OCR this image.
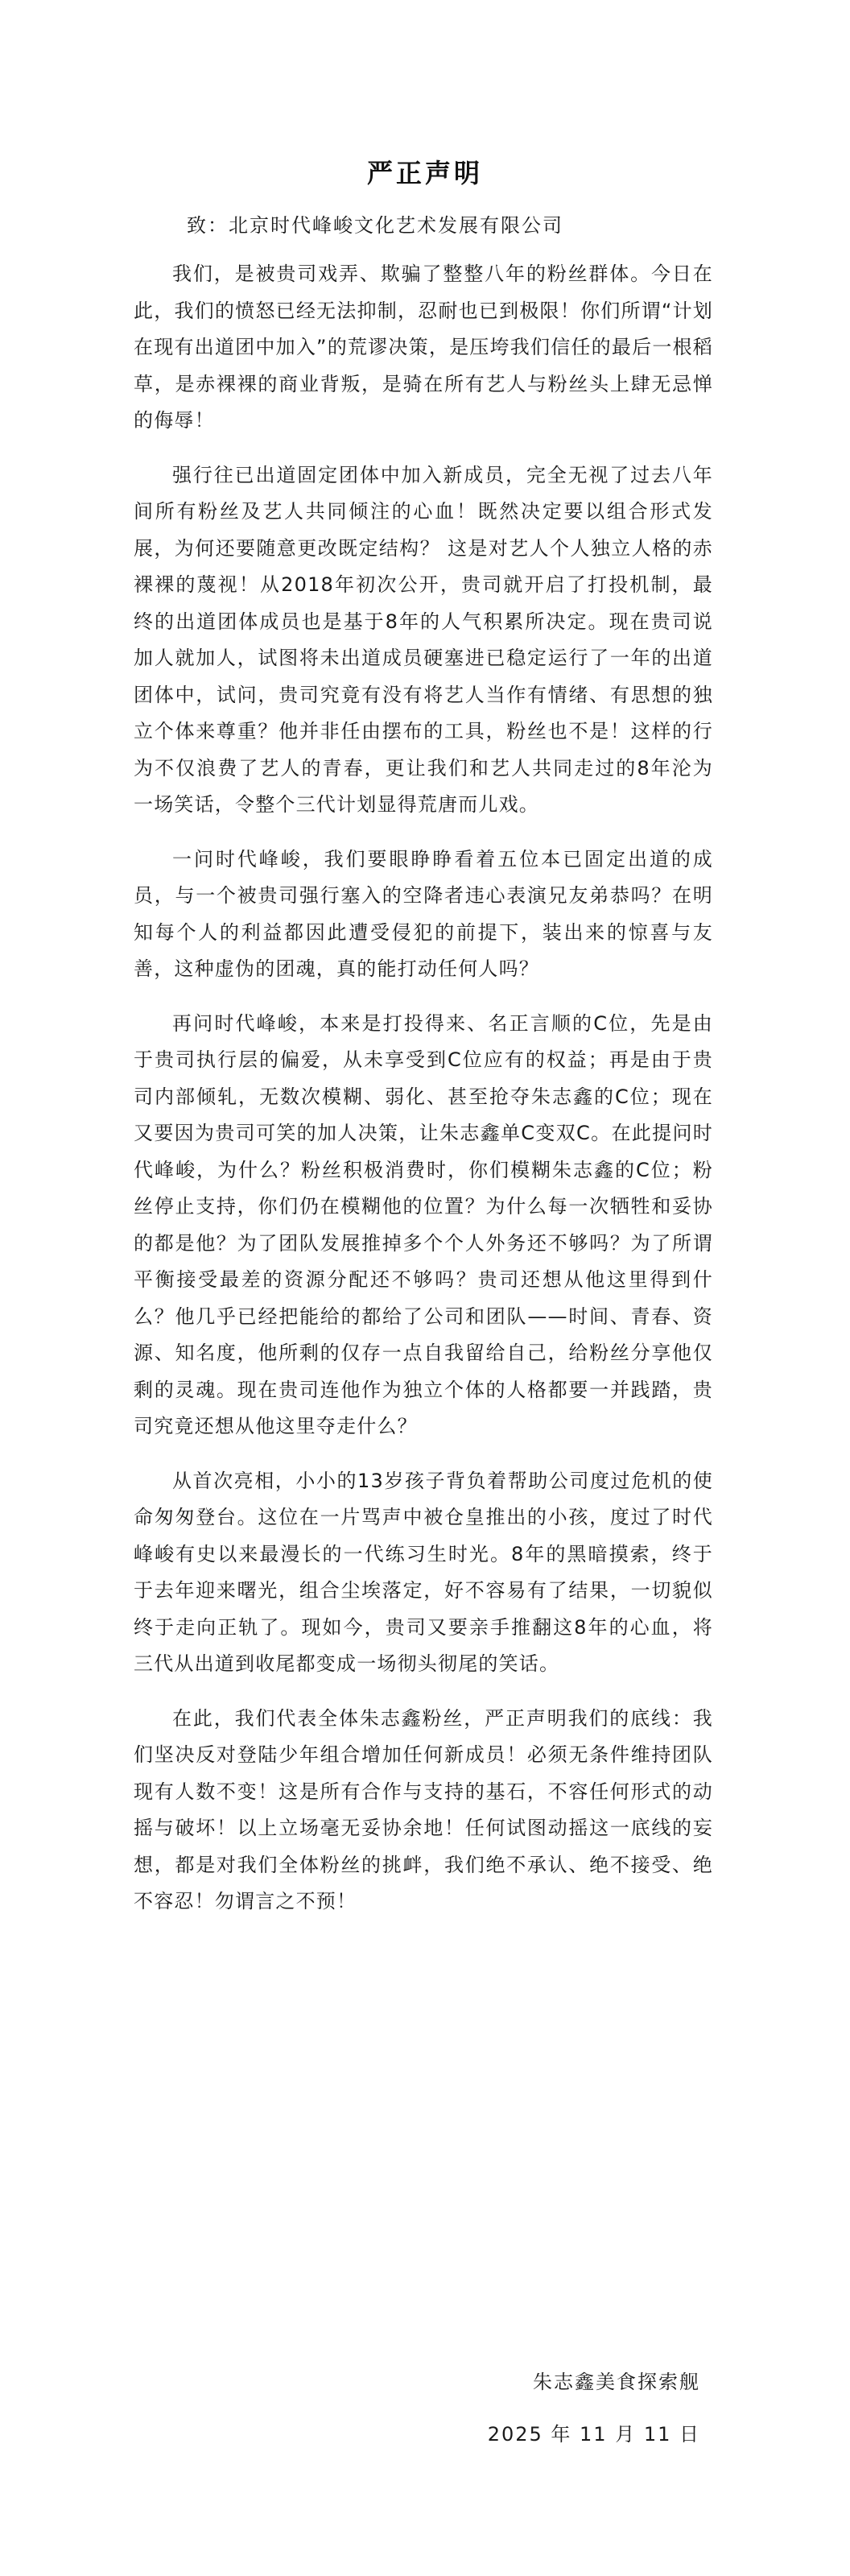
严正声明
致：北京时代峰峻文化艺术发展有限公司

我们，是被贵司戏弄、欺骗了整整八年的粉丝群体。今日在此，我们的愤怒已经无法抑制，忍耐也已到极限！你们所谓“计划在现有出道团中加入”的荒谬决策，是压垮我们信任的最后一根稻草，是赤裸裸的商业背叛，是骑在所有艺人与粉丝头上肆无忌惮的侮辱！

强行往已出道固定团体中加入新成员，完全无视了过去八年间所有粉丝及艺人共同倾注的心血！既然决定要以组合形式发展，为何还要随意更改既定结构？ 这是对艺人个人独立人格的赤裸裸的蔑视！从2018年初次公开，贵司就开启了打投机制，最终的出道团体成员也是基于8年的人气积累所决定。现在贵司说加人就加人，试图将未出道成员硬塞进已稳定运行了一年的出道团体中，试问，贵司究竟有没有将艺人当作有情绪、有思想的独立个体来尊重？他并非任由摆布的工具，粉丝也不是！这样的行为不仅浪费了艺人的青春，更让我们和艺人共同走过的8年沦为一场笑话，令整个三代计划显得荒唐而儿戏。

一问时代峰峻，我们要眼睁睁看着五位本已固定出道的成员，与一个被贵司强行塞入的空降者违心表演兄友弟恭吗？在明知每个人的利益都因此遭受侵犯的前提下，装出来的惊喜与友善，这种虚伪的团魂，真的能打动任何人吗？

再问时代峰峻，本来是打投得来、名正言顺的C位，先是由于贵司执行层的偏爱，从未享受到C位应有的权益；再是由于贵司内部倾轧，无数次模糊、弱化、甚至抢夺朱志鑫的C位；现在又要因为贵司可笑的加人决策，让朱志鑫单C变双C。在此提问时代峰峻，为什么？粉丝积极消费时，你们模糊朱志鑫的C位；粉丝停止支持，你们仍在模糊他的位置？为什么每一次牺牲和妥协的都是他？为了团队发展推掉多个个人外务还不够吗？为了所谓平衡接受最差的资源分配还不够吗？贵司还想从他这里得到什么？他几乎已经把能给的都给了公司和团队——时间、青春、资源、知名度，他所剩的仅存一点自我留给自己，给粉丝分享他仅剩的灵魂。现在贵司连他作为独立个体的人格都要一并践踏，贵司究竟还想从他这里夺走什么？

从首次亮相，小小的13岁孩子背负着帮助公司度过危机的使命匆匆登台。这位在一片骂声中被仓皇推出的小孩，度过了时代峰峻有史以来最漫长的一代练习生时光。8年的黑暗摸索，终于于去年迎来曙光，组合尘埃落定，好不容易有了结果，一切貌似终于走向正轨了。现如今，贵司又要亲手推翻这8年的心血，将三代从出道到收尾都变成一场彻头彻尾的笑话。

在此，我们代表全体朱志鑫粉丝，严正声明我们的底线：我们坚决反对登陆少年组合增加任何新成员！必须无条件维持团队现有人数不变！这是所有合作与支持的基石，不容任何形式的动摇与破坏！以上立场毫无妥协余地！任何试图动摇这一底线的妄想，都是对我们全体粉丝的挑衅，我们绝不承认、绝不接受、绝不容忍！勿谓言之不预！

朱志鑫美食探索舰
2025 年 11 月 11 日
